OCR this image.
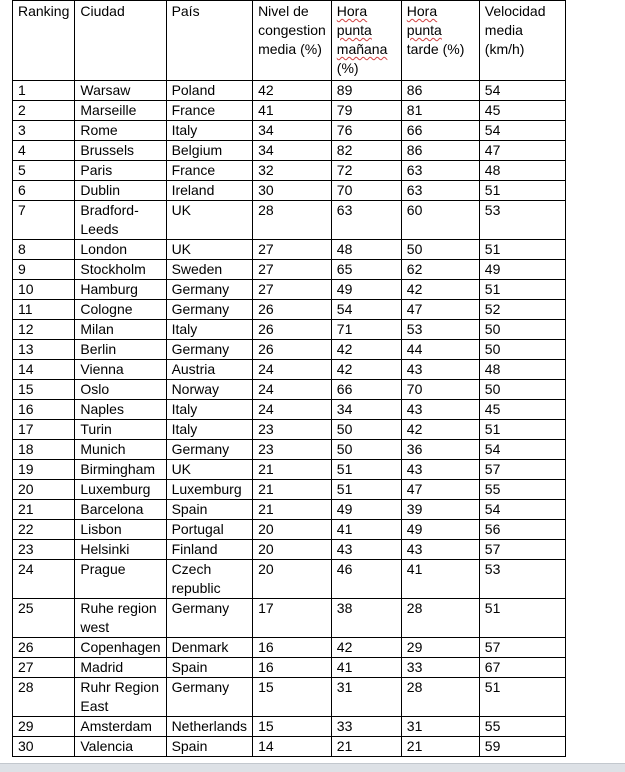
Ranking	Ciudad	País	Nivel de congestion media (%)	Hora punta mañana (%)	Hora punta tarde (%)	Velocidad media (km/h)
1	Warsaw	Poland	42	89	86	54
2	Marseille	France	41	79	81	45
3	Rome	Italy	34	76	66	54
4	Brussels	Belgium	34	82	86	47
5	Paris	France	32	72	63	48
6	Dublin	Ireland	30	70	63	51
7	Bradford-Leeds	UK	28	63	60	53
8	London	UK	27	48	50	51
9	Stockholm	Sweden	27	65	62	49
10	Hamburg	Germany	27	49	42	51
11	Cologne	Germany	26	54	47	52
12	Milan	Italy	26	71	53	50
13	Berlin	Germany	26	42	44	50
14	Vienna	Austria	24	42	43	48
15	Oslo	Norway	24	66	70	50
16	Naples	Italy	24	34	43	45
17	Turin	Italy	23	50	42	51
18	Munich	Germany	23	50	36	54
19	Birmingham	UK	21	51	43	57
20	Luxemburg	Luxemburg	21	51	47	55
21	Barcelona	Spain	21	49	39	54
22	Lisbon	Portugal	20	41	49	56
23	Helsinki	Finland	20	43	43	57
24	Prague	Czech republic	20	46	41	53
25	Ruhe region west	Germany	17	38	28	51
26	Copenhagen	Denmark	16	42	29	57
27	Madrid	Spain	16	41	33	67
28	Ruhr Region East	Germany	15	31	28	51
29	Amsterdam	Netherlands	15	33	31	55
30	Valencia	Spain	14	21	21	59
